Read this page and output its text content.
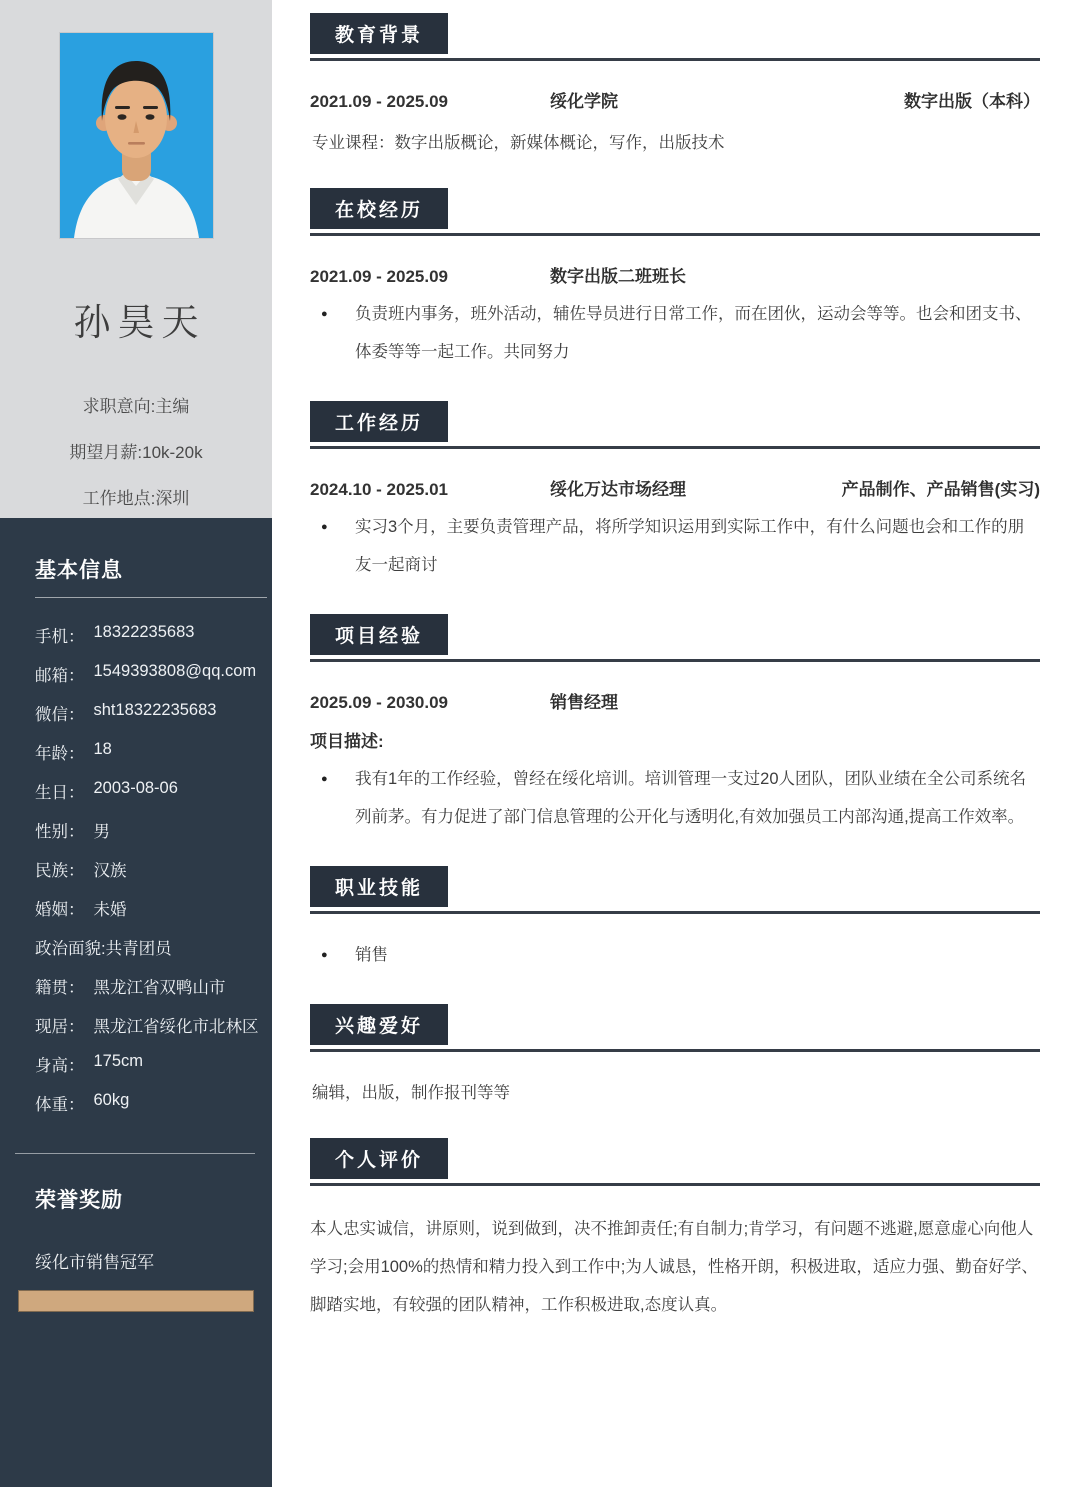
孙昊天
求职意向:主编
期望月薪:10k-20k
工作地点:深圳
基本信息
手机： 18322235683
邮箱： 1549393808@qq.com
微信： sht18322235683
年龄： 18
生日： 2003-08-06
性别： 男
民族： 汉族
婚姻： 未婚
政治面貌: 共青团员
籍贯： 黑龙江省双鸭山市
现居： 黑龙江省绥化市北林区
身高： 175cm
体重： 60kg
荣誉奖励
绥化市销售冠军
教育背景
2021.09 - 2025.09	绥化学院	数字出版（本科）

专业课程：数字出版概论，新媒体概论，写作，出版技术

在校经历
2021.09 - 2025.09	数字出版二班班长
●	负责班内事务，班外活动，辅佐导员进行日常工作，而在团伙，运动会等等。也会和团支书、体委等等一起工作。共同努力
工作经历
2024.10 - 2025.01	绥化万达市场经理	产品制作、产品销售(实习)
●	实习3个月，主要负责管理产品，将所学知识运用到实际工作中，有什么问题也会和工作的朋友一起商讨
项目经验
2025.09 - 2030.09	销售经理
项目描述:
●	我有1年的工作经验，曾经在绥化培训。培训管理一支过20人团队，团队业绩在全公司系统名列前茅。有力促进了部门信息管理的公开化与透明化,有效加强员工内部沟通,提高工作效率。
职业技能
●	销售
兴趣爱好

编辑，出版，制作报刊等等

个人评价

本人忠实诚信，讲原则，说到做到，决不推卸责任;有自制力;肯学习，有问题不逃避,愿意虚心向他人学习;会用100%的热情和精力投入到工作中;为人诚恳，性格开朗，积极进取，适应力强、勤奋好学、脚踏实地，有较强的团队精神，工作积极进取,态度认真。
